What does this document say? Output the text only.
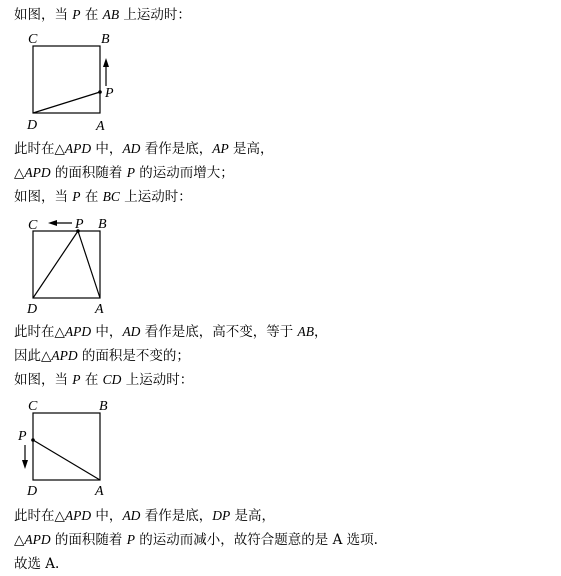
如图，当 P 在 AB 上运动时：
此时在△APD 中，AD 看作是底，AP 是高，
△APD 的面积随着 P 的运动而增大；
如图，当 P 在 BC 上运动时：
此时在△APD 中，AD 看作是底，高不变，等于 AB，
因此△APD 的面积是不变的；
如图，当 P 在 CD 上运动时：
此时在△APD 中，AD 看作是底，DP 是高，
△APD 的面积随着 P 的运动而减小，故符合题意的是 A 选项.
故选 A.
C	B
D	A
P
C	B
D	A
P
C	B
D	A
P
